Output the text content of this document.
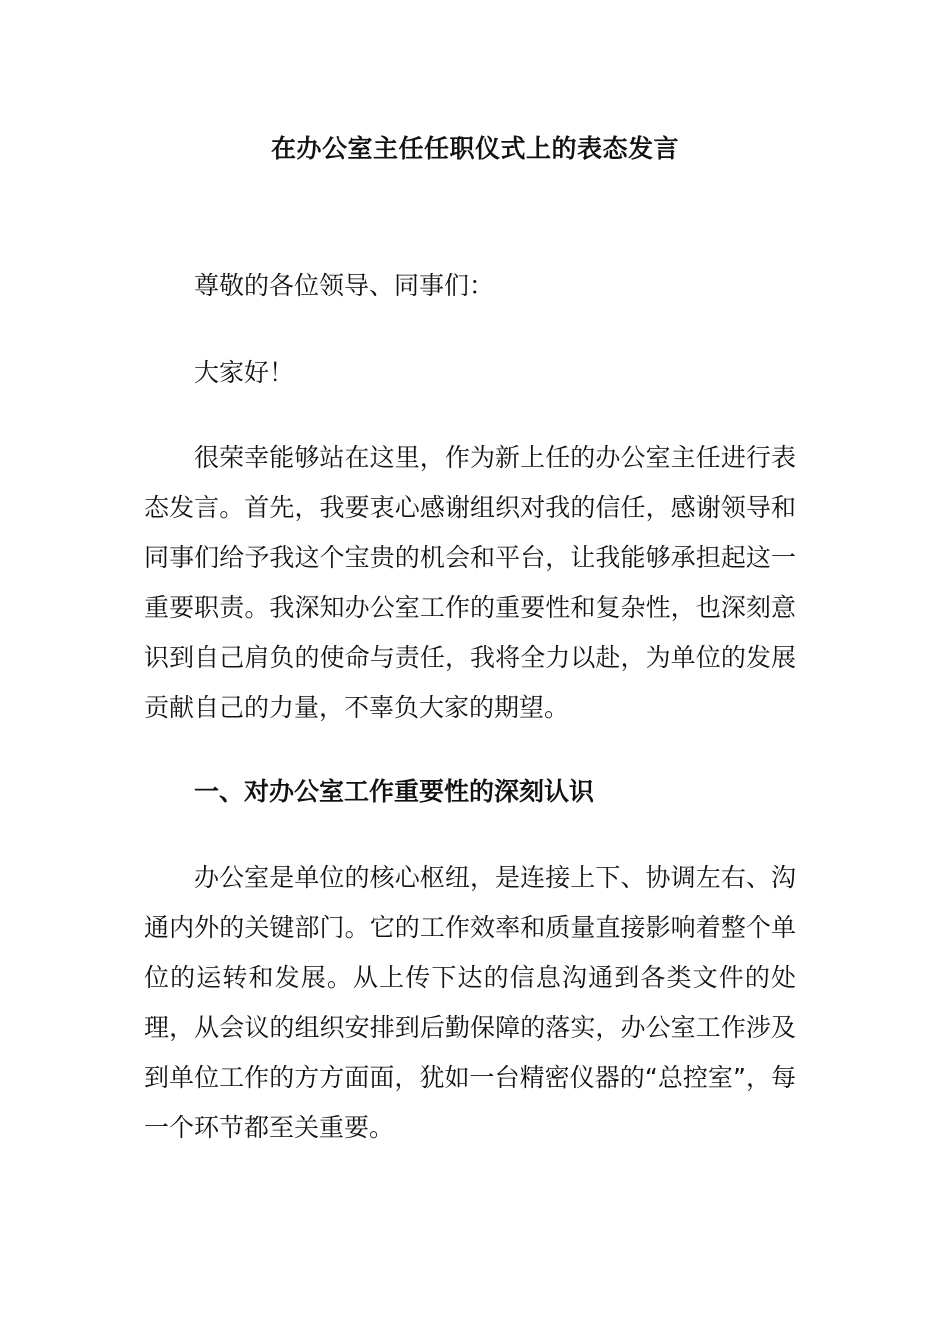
在办公室主任任职仪式上的表态发言

尊敬的各位领导、同事们：

大家好！

很荣幸能够站在这里，作为新上任的办公室主任进行表态发言。首先，我要衷心感谢组织对我的信任，感谢领导和同事们给予我这个宝贵的机会和平台，让我能够承担起这一重要职责。我深知办公室工作的重要性和复杂性，也深刻意识到自己肩负的使命与责任，我将全力以赴，为单位的发展贡献自己的力量，不辜负大家的期望。

一、对办公室工作重要性的深刻认识

办公室是单位的核心枢纽，是连接上下、协调左右、沟通内外的关键部门。它的工作效率和质量直接影响着整个单位的运转和发展。从上传下达的信息沟通到各类文件的处理，从会议的组织安排到后勤保障的落实，办公室工作涉及到单位工作的方方面面，犹如一台精密仪器的“总控室”，每一个环节都至关重要。
